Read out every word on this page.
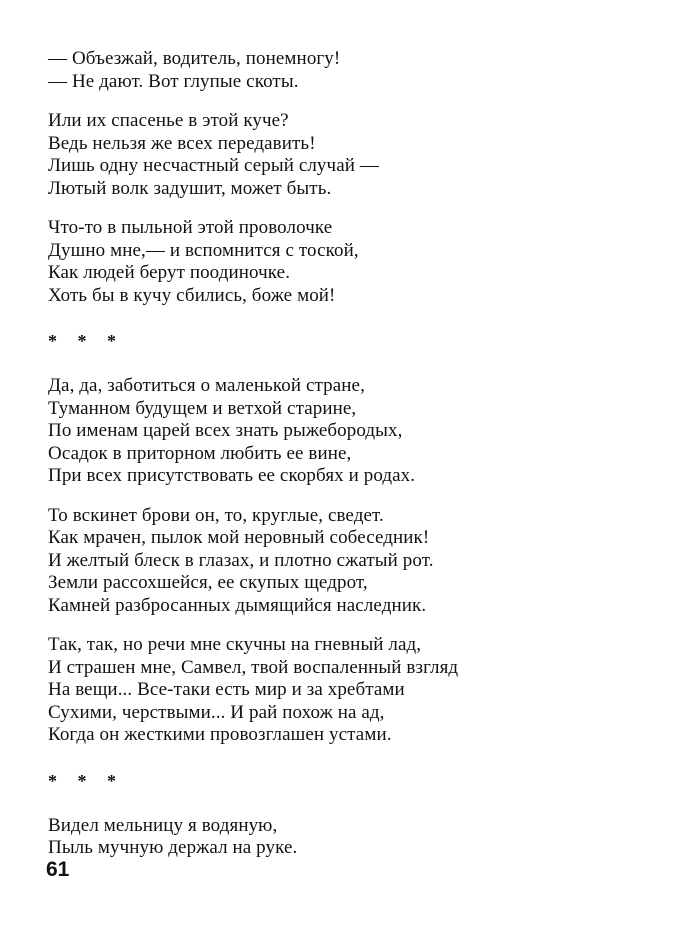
— Объезжай, водитель, понемногу!
— Не дают. Вот глупые скоты.
Или их спасенье в этой куче?
Ведь нельзя же всех передавить!
Лишь одну несчастный серый случай —
Лютый волк задушит, может быть.
Что-то в пыльной этой проволочке
Душно мне,— и вспомнится с тоской,
Как людей берут поодиночке.
Хоть бы в кучу сбились, боже мой!
* * *
Да, да, заботиться о маленькой стране,
Туманном будущем и ветхой старине,
По именам царей всех знать рыжебородых,
Осадок в приторном любить ее вине,
При всех присутствовать ее скорбях и родах.
То вскинет брови он, то, круглые, сведет.
Как мрачен, пылок мой неровный собеседник!
И желтый блеск в глазах, и плотно сжатый рот.
Земли рассохшейся, ее скупых щедрот,
Камней разбросанных дымящийся наследник.
Так, так, но речи мне скучны на гневный лад,
И страшен мне, Самвел, твой воспаленный взгляд
На вещи... Все-таки есть мир и за хребтами
Сухими, черствыми... И рай похож на ад,
Когда он жесткими провозглашен устами.
* * *
Видел мельницу я водяную,
Пыль мучную держал на руке.
61
